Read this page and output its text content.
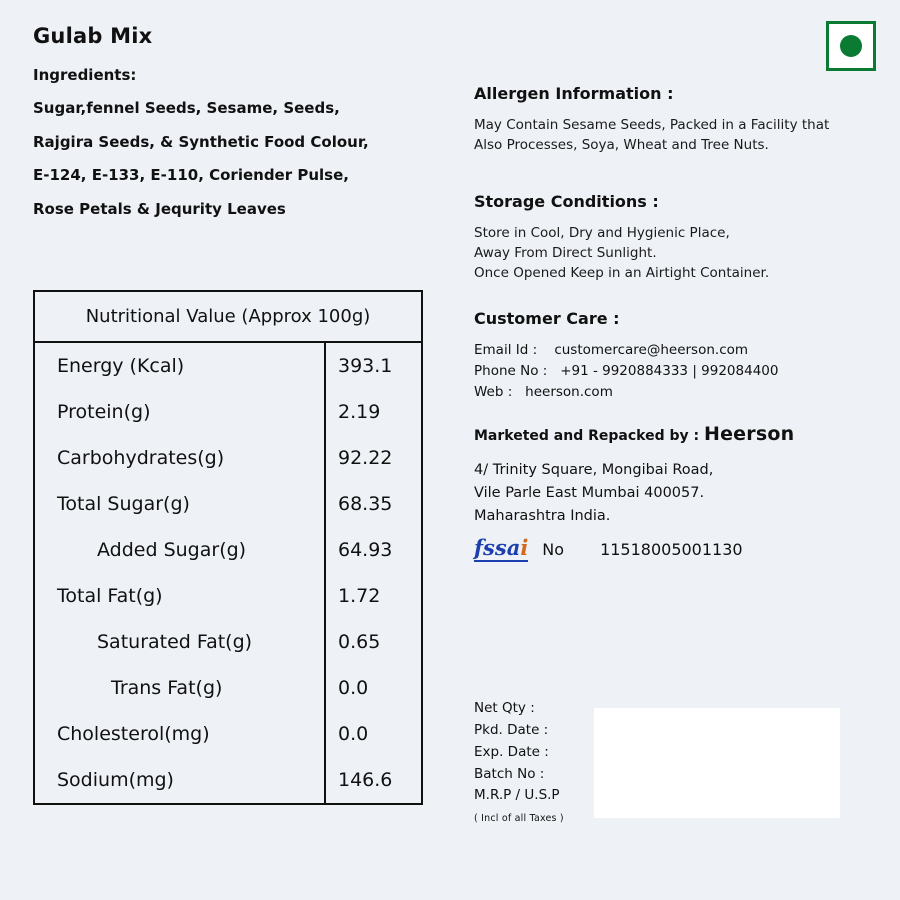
Gulab Mix
Ingredients:
Sugar,fennel Seeds, Sesame, Seeds,
Rajgira Seeds, & Synthetic Food Colour,
E-124, E-133, E-110, Coriender Pulse,
Rose Petals & Jequrity Leaves
Nutritional Value (Approx 100g)
Energy (Kcal)	393.1
Protein(g)	2.19
Carbohydrates(g)	92.22
Total Sugar(g)	68.35
Added Sugar(g)	64.93
Total Fat(g)	1.72
Saturated Fat(g)	0.65
Trans Fat(g)	0.0
Cholesterol(mg)	0.0
Sodium(mg)	146.6
Allergen Information :
May Contain Sesame Seeds, Packed in a Facility that
Also Processes, Soya, Wheat and Tree Nuts.
Storage Conditions :
Store in Cool, Dry and Hygienic Place,
Away From Direct Sunlight.
Once Opened Keep in an Airtight Container.
Customer Care :
Email Id : customercare@heerson.com
Phone No : +91 - 9920884333 | 992084400
Web : heerson.com
Marketed and Repacked by : Heerson
4/ Trinity Square, Mongibai Road,
Vile Parle East Mumbai 400057.
Maharashtra India.
fssai No 11518005001130
Net Qty :
Pkd. Date :
Exp. Date :
Batch No :
M.R.P / U.S.P
( Incl of all Taxes )
